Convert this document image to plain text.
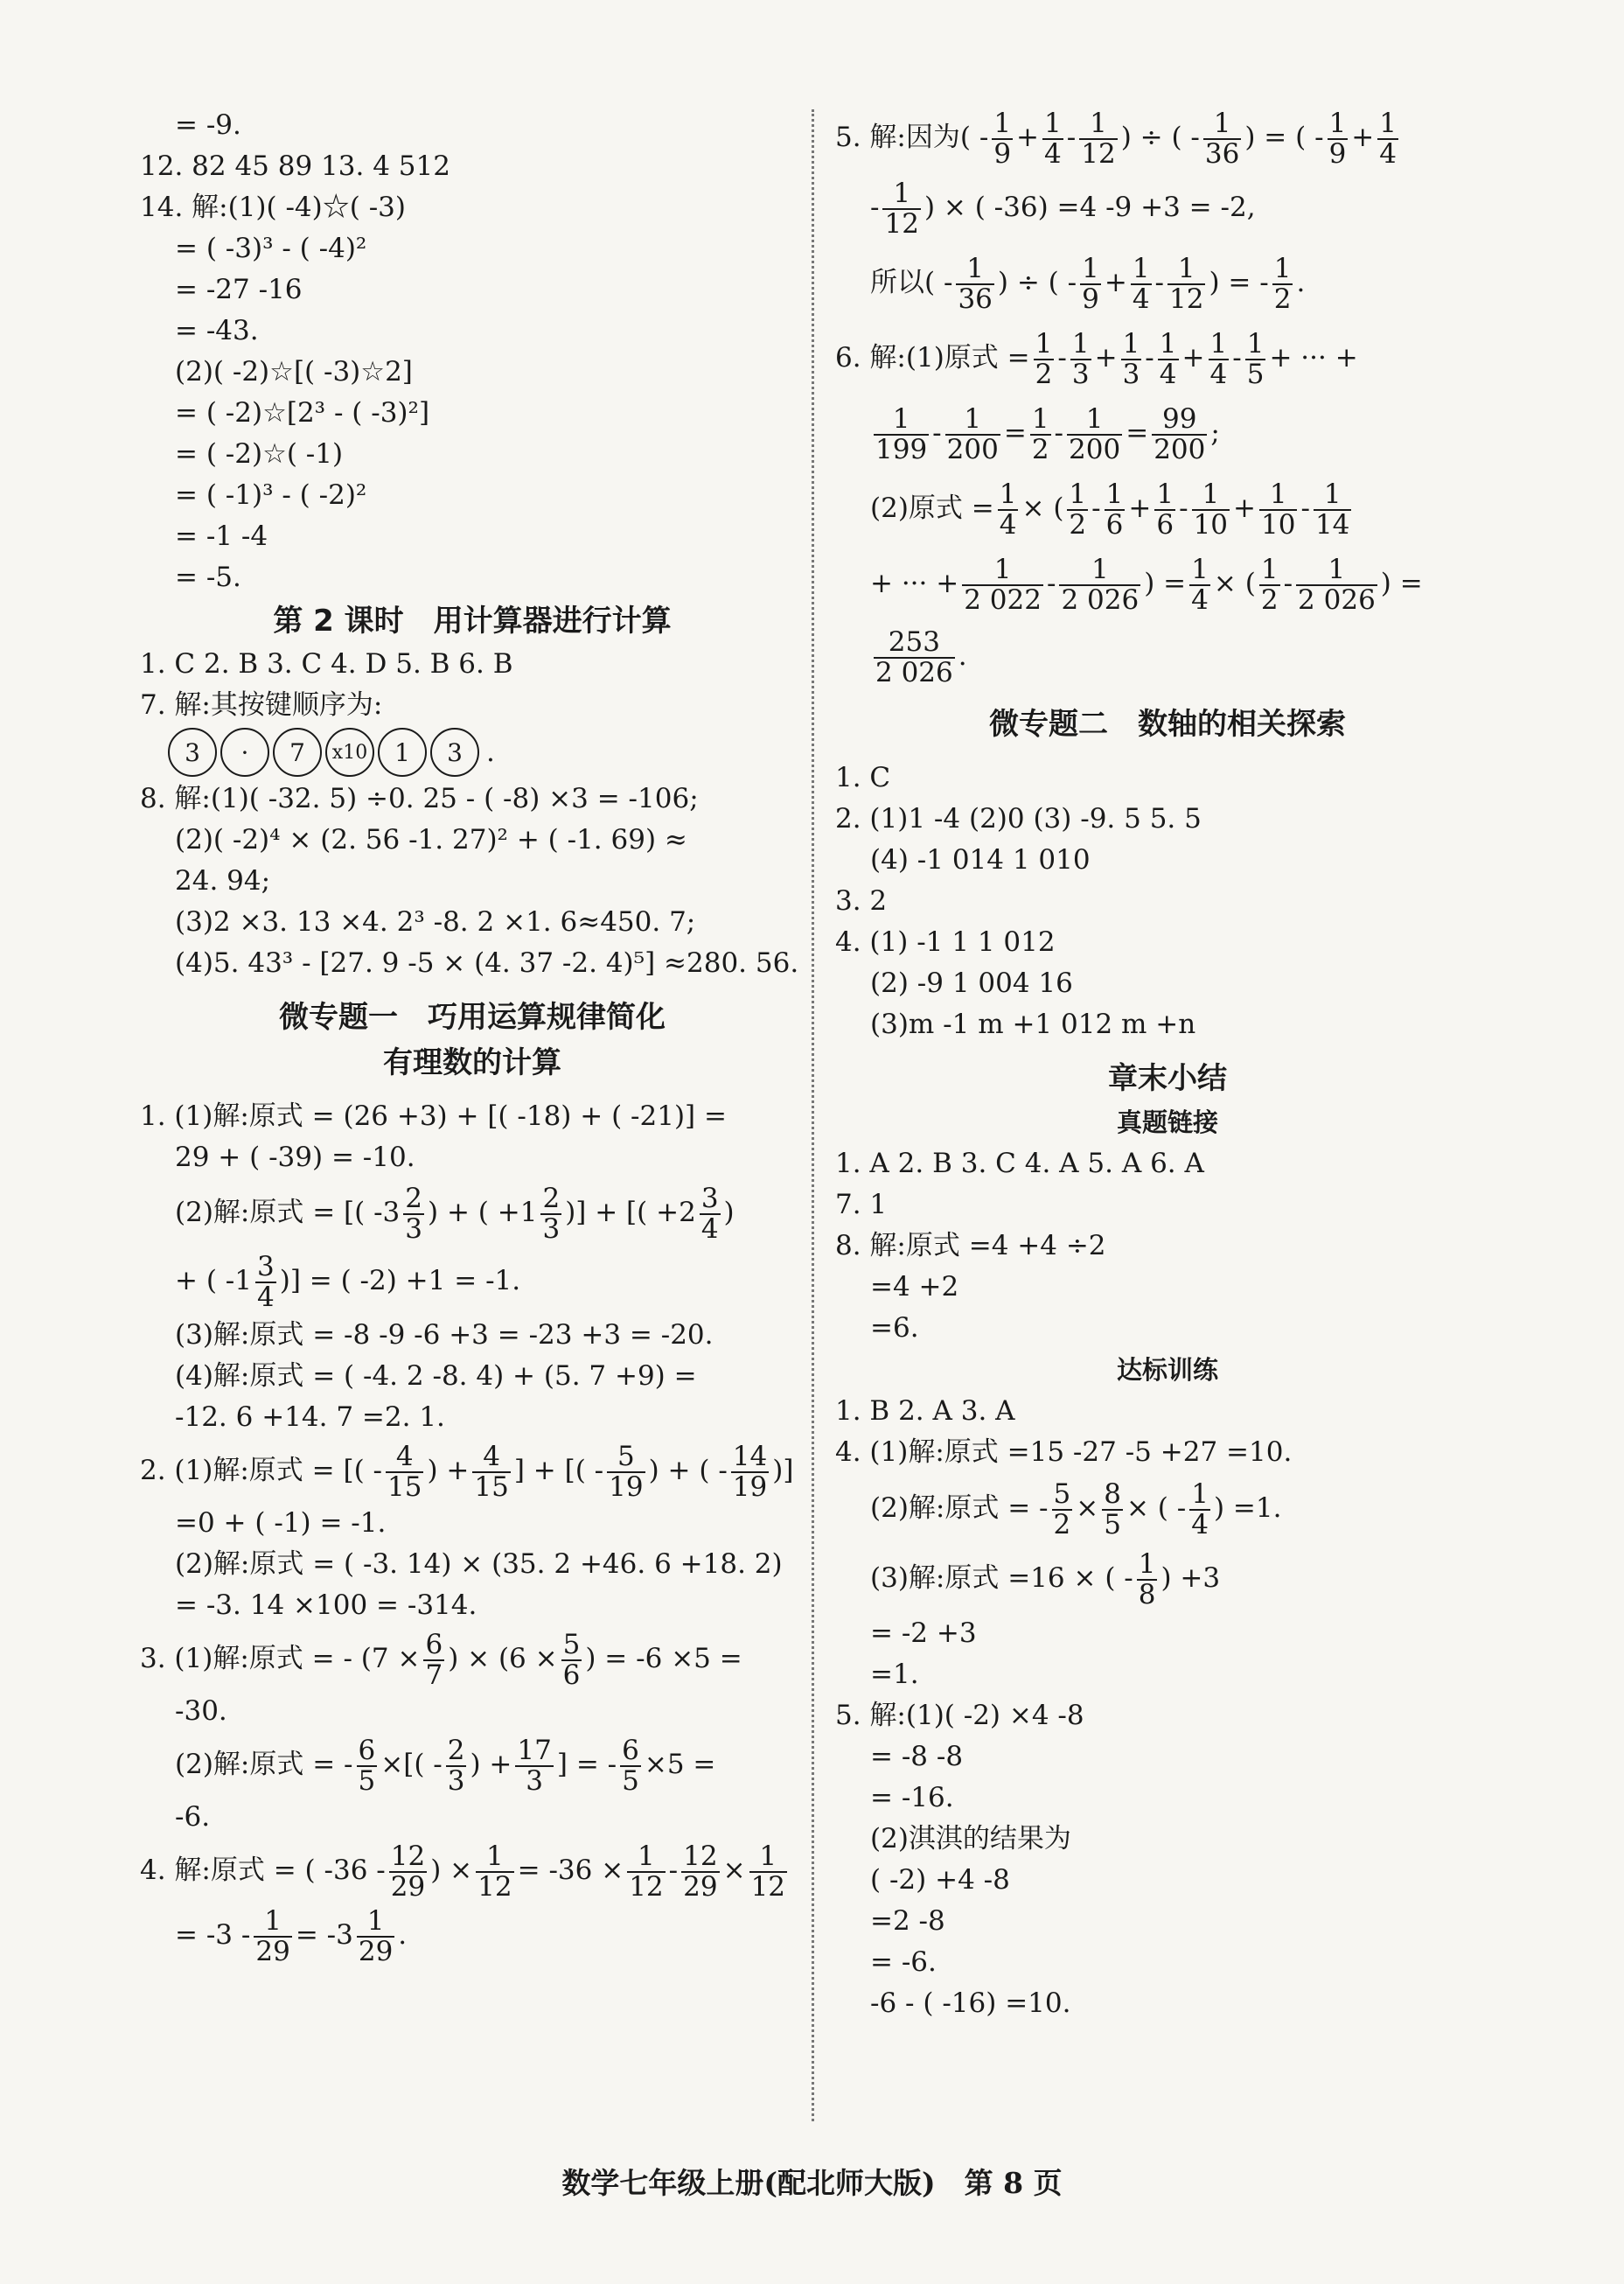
= -9.
12. 82 45 89 13. 4 512
14. 解:(1)( -4)☆( -3)
= ( -3)³ - ( -4)²
= -27 -16
= -43.
(2)( -2)☆[( -3)☆2]
= ( -2)☆[2³ - ( -3)²]
= ( -2)☆( -1)
= ( -1)³ - ( -2)²
= -1 -4
= -5.
第 2 课时　用计算器进行计算
1. C 2. B 3. C 4. D 5. B 6. B
7. 解:其按键顺序为:
3	·	7	x10	1	3 .
8. 解:(1)( -32. 5) ÷0. 25 - ( -8) ×3 = -106;
(2)( -2)⁴ × (2. 56 -1. 27)² + ( -1. 69) ≈
24. 94;
(3)2 ×3. 13 ×4. 2³ -8. 2 ×1. 6≈450. 7;
(4)5. 43³ - [27. 9 -5 × (4. 37 -2. 4)⁵] ≈280. 56.
微专题一　巧用运算规律简化
有理数的计算
1. (1)解:原式 = (26 +3) + [( -18) + ( -21)] =
29 + ( -39) = -10.
(2)解:原式 = [( $-3 \frac{2}{3}$ ) + ( $+1 \frac{2}{3}$ )] + [( $+2 \frac{3}{4}$ )
+ ( $-1 \frac{3}{4}$ )] = ( -2) +1 = -1.
(3)解:原式 = -8 -9 -6 +3 = -23 +3 = -20.
(4)解:原式 = ( -4. 2 -8. 4) + (5. 7 +9) =
-12. 6 +14. 7 =2. 1.
2. (1)解:原式 = [( - $\frac{4}{15}$ ) + $\frac{4}{15}$ ] + [( - $\frac{5}{19}$ ) + ( - $\frac{14}{19}$ )]
=0 + ( -1) = -1.
(2)解:原式 = ( -3. 14) × (35. 2 +46. 6 +18. 2)
= -3. 14 ×100 = -314.
3. (1)解:原式 = - ($7 \times \frac{6}{7}$ ) × ($6 \times \frac{5}{6}$ ) = -6 ×5 =
-30.
(2)解:原式 = - $\frac{6}{5}$ ×[( - $\frac{2}{3}$ ) + $\frac{17}{3}$ ] = - $\frac{6}{5} \times 5$ =
-6.
4. 解:原式 = ( $-36 - \frac{12}{29}$ ) × $\frac{1}{12} = -36 \times \frac{1}{12} - \frac{12}{29} \times \frac{1}{12}$
= $-3 - \frac{1}{29} = -3 \frac{1}{29}$ .
5. 解:因为( - $\frac{1}{9} + \frac{1}{4} - \frac{1}{12}$ ) ÷ ( - $\frac{1}{36}$ ) = ( - $\frac{1}{9} + \frac{1}{4}$
- $\frac{1}{12}$ ) × ( -36) =4 -9 +3 = -2,
所以( - $\frac{1}{36}$ ) ÷ ( - $\frac{1}{9} + \frac{1}{4} - \frac{1}{12}$ ) = - $\frac{1}{2}$ .
6. 解:(1)原式 = $\frac{1}{2} - \frac{1}{3} + \frac{1}{3} - \frac{1}{4} + \frac{1}{4} - \frac{1}{5}$ + ··· +
$\frac{1}{199} - \frac{1}{200} = \frac{1}{2} - \frac{1}{200} = \frac{99}{200}$ ;
(2)原式 = $\frac{1}{4}$ × ( $\frac{1}{2} - \frac{1}{6} + \frac{1}{6} - \frac{1}{10} + \frac{1}{10} - \frac{1}{14}$
+ ··· + $\frac{1}{2 022} - \frac{1}{2 026}$ ) = $\frac{1}{4}$ × ( $\frac{1}{2} - \frac{1}{2 026}$ ) =
$\frac{253}{2 026}$ .
微专题二　数轴的相关探索
1. C
2. (1)1 -4 (2)0 (3) -9. 5 5. 5
(4) -1 014 1 010
3. 2
4. (1) -1 1 1 012
(2) -9 1 004 16
(3)m -1 m +1 012 m +n
章末小结
真题链接
1. A 2. B 3. C 4. A 5. A 6. A
7. 1
8. 解:原式 =4 +4 ÷2
=4 +2
=6.
达标训练
1. B 2. A 3. A
4. (1)解:原式 =15 -27 -5 +27 =10.
(2)解:原式 = - $\frac{5}{2} \times \frac{8}{5}$ × ( - $\frac{1}{4}$ ) =1.
(3)解:原式 =16 × ( - $\frac{1}{8}$ ) +3
= -2 +3
=1.
5. 解:(1)( -2) ×4 -8
= -8 -8
= -16.
(2)淇淇的结果为
( -2) +4 -8
=2 -8
= -6.
-6 - ( -16) =10.
数学七年级上册(配北师大版)　第 8 页
